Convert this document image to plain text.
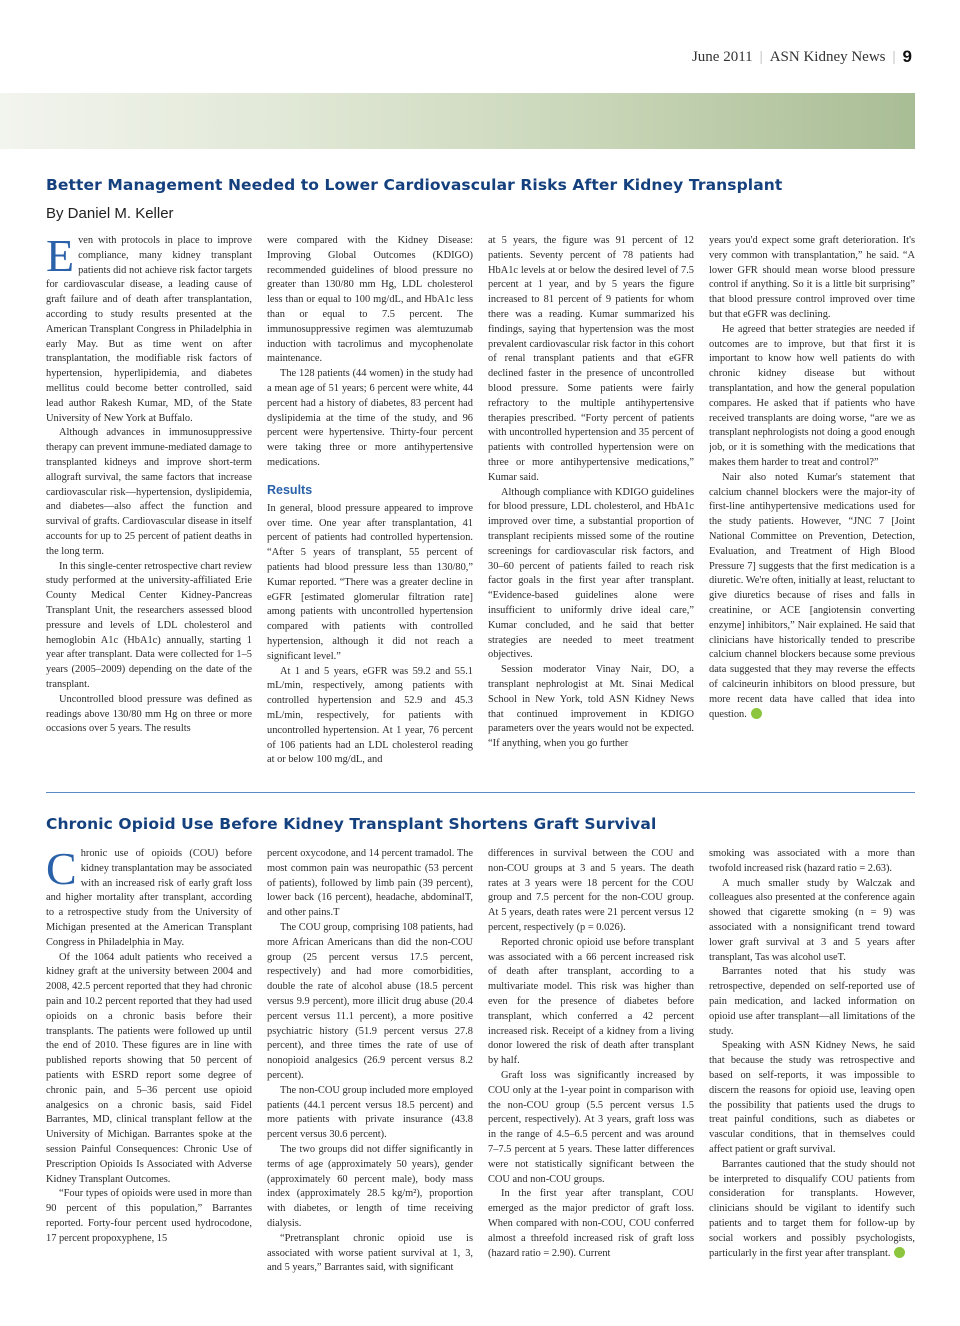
June 2011 | ASN Kidney News | 9
Better Management Needed to Lower Cardiovascular Risks After Kidney Transplant

By Daniel M. Keller

E ven with protocols in place to improve compliance, many kidney transplant patients did not achieve risk factor targets for cardiovascular disease, a leading cause of graft failure and of death after transplantation, according to study results presented at the American Transplant Congress in Philadelphia in early May. But as time went on after transplantation, the modifiable risk factors of hypertension, hyperlipidemia, and diabetes mellitus could become better controlled, said lead author Rakesh Kumar, MD, of the State University of New York at Buffalo.

Although advances in immunosuppressive therapy can prevent immune-mediated damage to transplanted kidneys and improve short-term allograft survival, the same factors that increase cardiovascular risk—hypertension, dyslipidemia, and diabetes—also affect the function and survival of grafts. Cardiovascular disease in itself accounts for up to 25 percent of patient deaths in the long term.

In this single-center retrospective chart review study performed at the university-affiliated Erie County Medical Center Kidney-Pancreas Transplant Unit, the researchers assessed blood pressure and levels of LDL cholesterol and hemoglobin A1c (HbA1c) annually, starting 1 year after transplant. Data were collected for 1–5 years (2005–2009) depending on the date of the transplant.

Uncontrolled blood pressure was defined as readings above 130/80 mm Hg on three or more occasions over 5 years. The results

were compared with the Kidney Disease: Improving Global Outcomes (KDIGO) recommended guidelines of blood pressure no greater than 130/80 mm Hg, LDL cholesterol less than or equal to 100 mg/dL, and HbA1c less than or equal to 7.5 percent. The immunosuppressive regimen was alemtuzumab induction with tacrolimus and mycophenolate maintenance.

The 128 patients (44 women) in the study had a mean age of 51 years; 6 percent were white, 44 percent had a history of diabetes, 83 percent had dyslipidemia at the time of the study, and 96 percent were hypertensive. Thirty-four percent were taking three or more antihypertensive medications.

Results

In general, blood pressure appeared to improve over time. One year after transplantation, 41 percent of patients had controlled hypertension. “After 5 years of transplant, 55 percent of patients had blood pressure less than 130/80,” Kumar reported. “There was a greater decline in eGFR [estimated glomerular filtration rate] among patients with uncontrolled hypertension compared with patients with controlled hypertension, although it did not reach a significant level.”

At 1 and 5 years, eGFR was 59.2 and 55.1 mL/min, respectively, among patients with controlled hypertension and 52.9 and 45.3 mL/min, respectively, for patients with uncontrolled hypertension. At 1 year, 76 percent of 106 patients had an LDL cholesterol reading at or below 100 mg/dL, and

at 5 years, the figure was 91 percent of 12 patients. Seventy percent of 78 patients had HbA1c levels at or below the desired level of 7.5 percent at 1 year, and by 5 years the figure increased to 81 percent of 9 patients for whom there was a reading. Kumar summarized his findings, saying that hypertension was the most prevalent cardiovascular risk factor in this cohort of renal transplant patients and that eGFR declined faster in the presence of uncontrolled blood pressure. Some patients were fairly refractory to the multiple antihypertensive therapies prescribed. “Forty percent of patients with uncontrolled hypertension and 35 percent of patients with controlled hypertension were on three or more antihypertensive medications,” Kumar said.

Although compliance with KDIGO guidelines for blood pressure, LDL cholesterol, and HbA1c improved over time, a substantial proportion of transplant recipients missed some of the routine screenings for cardiovascular risk factors, and 30–60 percent of patients failed to reach risk factor goals in the first year after transplant. “Evidence-based guidelines alone were insufficient to uniformly drive ideal care,” Kumar concluded, and he said that better strategies are needed to meet treatment objectives.

Session moderator Vinay Nair, DO, a transplant nephrologist at Mt. Sinai Medical School in New York, told ASN Kidney News that continued improvement in KDIGO parameters over the years would not be expected. “If anything, when you go further

years you'd expect some graft deterioration. It's very common with transplantation,” he said. “A lower GFR should mean worse blood pressure control if anything. So it is a little bit surprising” that blood pressure control improved over time but that eGFR was declining.

He agreed that better strategies are needed if outcomes are to improve, but that first it is important to know how well patients do with chronic kidney disease but without transplantation, and how the general population compares. He asked that if patients who have received transplants are doing worse, “are we as transplant nephrologists not doing a good enough job, or it is something with the medications that makes them harder to treat and control?”

Nair also noted Kumar's statement that calcium channel blockers were the major-ity of first-line antihypertensive medications used for the study patients. However, “JNC 7 [Joint National Committee on Prevention, Detection, Evaluation, and Treatment of High Blood Pressure 7] suggests that the first medication is a diuretic. We're often, initially at least, reluctant to give diuretics because of rises and falls in creatinine, or ACE [angiotensin converting enzyme] inhibitors,” Nair explained. He said that clinicians have historically tended to prescribe calcium channel blockers because some previous data suggested that they may reverse the effects of calcineurin inhibitors on blood pressure, but more recent data have called that idea into question.

Chronic Opioid Use Before Kidney Transplant Shortens Graft Survival
C hronic use of opioids (COU) before kidney transplantation may be associated with an increased risk of early graft loss and higher mortality after transplant, according to a retrospective study from the University of Michigan presented at the American Transplant Congress in Philadelphia in May.

Of the 1064 adult patients who received a kidney graft at the university between 2004 and 2008, 42.5 percent reported that they had chronic pain and 10.2 percent reported that they had used opioids on a chronic basis before their transplants. The patients were followed up until the end of 2010. These figures are in line with published reports showing that 50 percent of patients with ESRD report some degree of chronic pain, and 5–36 percent use opioid analgesics on a chronic basis, said Fidel Barrantes, MD, clinical transplant fellow at the University of Michigan. Barrantes spoke at the session Painful Consequences: Chronic Use of Prescription Opioids Is Associated with Adverse Kidney Transplant Outcomes.

“Four types of opioids were used in more than 90 percent of this population,” Barrantes reported. Forty-four percent used hydrocodone, 17 percent propoxyphene, 15

percent oxycodone, and 14 percent tramadol. The most common pain was neuropathic (53 percent of patients), followed by limb pain (39 percent), lower back (16 percent), headache, abdominalT, and other pains.T

The COU group, comprising 108 patients, had more African Americans than did the non-COU group (25 percent versus 17.5 percent, respectively) and had more comorbidities, double the rate of alcohol abuse (18.5 percent versus 9.9 percent), more illicit drug abuse (20.4 percent versus 11.1 percent), a more positive psychiatric history (51.9 percent versus 27.8 percent), and three times the rate of use of nonopioid analgesics (26.9 percent versus 8.2 percent).

The non-COU group included more employed patients (44.1 percent versus 18.5 percent) and more patients with private insurance (43.8 percent versus 30.6 percent).

The two groups did not differ significantly in terms of age (approximately 50 years), gender (approximately 60 percent male), body mass index (approximately 28.5 kg/m²), proportion with diabetes, or length of time receiving dialysis.

“Pretransplant chronic opioid use is associated with worse patient survival at 1, 3, and 5 years,” Barrantes said, with significant

differences in survival between the COU and non-COU groups at 3 and 5 years. The death rates at 3 years were 18 percent for the COU group and 7.5 percent for the non-COU group. At 5 years, death rates were 21 percent versus 12 percent, respectively (p = 0.026).

Reported chronic opioid use before transplant was associated with a 66 percent increased risk of death after transplant, according to a multivariate model. This risk was higher than even for the presence of diabetes before transplant, which conferred a 42 percent increased risk. Receipt of a kidney from a living donor lowered the risk of death after transplant by half.

Graft loss was significantly increased by COU only at the 1-year point in comparison with the non-COU group (5.5 percent versus 1.5 percent, respectively). At 3 years, graft loss was in the range of 4.5–6.5 percent and was around 7–7.5 percent at 5 years. These latter differences were not statistically significant between the COU and non-COU groups.

In the first year after transplant, COU emerged as the major predictor of graft loss. When compared with non-COU, COU conferred almost a threefold increased risk of graft loss (hazard ratio = 2.90). Current

smoking was associated with a more than twofold increased risk (hazard ratio = 2.63).

A much smaller study by Walczak and colleagues also presented at the conference again showed that cigarette smoking (n = 9) was associated with a nonsignificant trend toward lower graft survival at 3 and 5 years after transplant, Tas was alcohol useT.

Barrantes noted that his study was retrospective, depended on self-reported use of pain medication, and lacked information on opioid use after transplant—all limitations of the study.

Speaking with ASN Kidney News, he said that because the study was retrospective and based on self-reports, it was impossible to discern the reasons for opioid use, leaving open the possibility that patients used the drugs to treat painful conditions, such as diabetes or vascular conditions, that in themselves could affect patient or graft survival.

Barrantes cautioned that the study should not be interpreted to disqualify COU patients from consideration for transplants. However, clinicians should be vigilant to identify such patients and to target them for follow-up by social workers and possibly psychologists, particularly in the first year after transplant.
